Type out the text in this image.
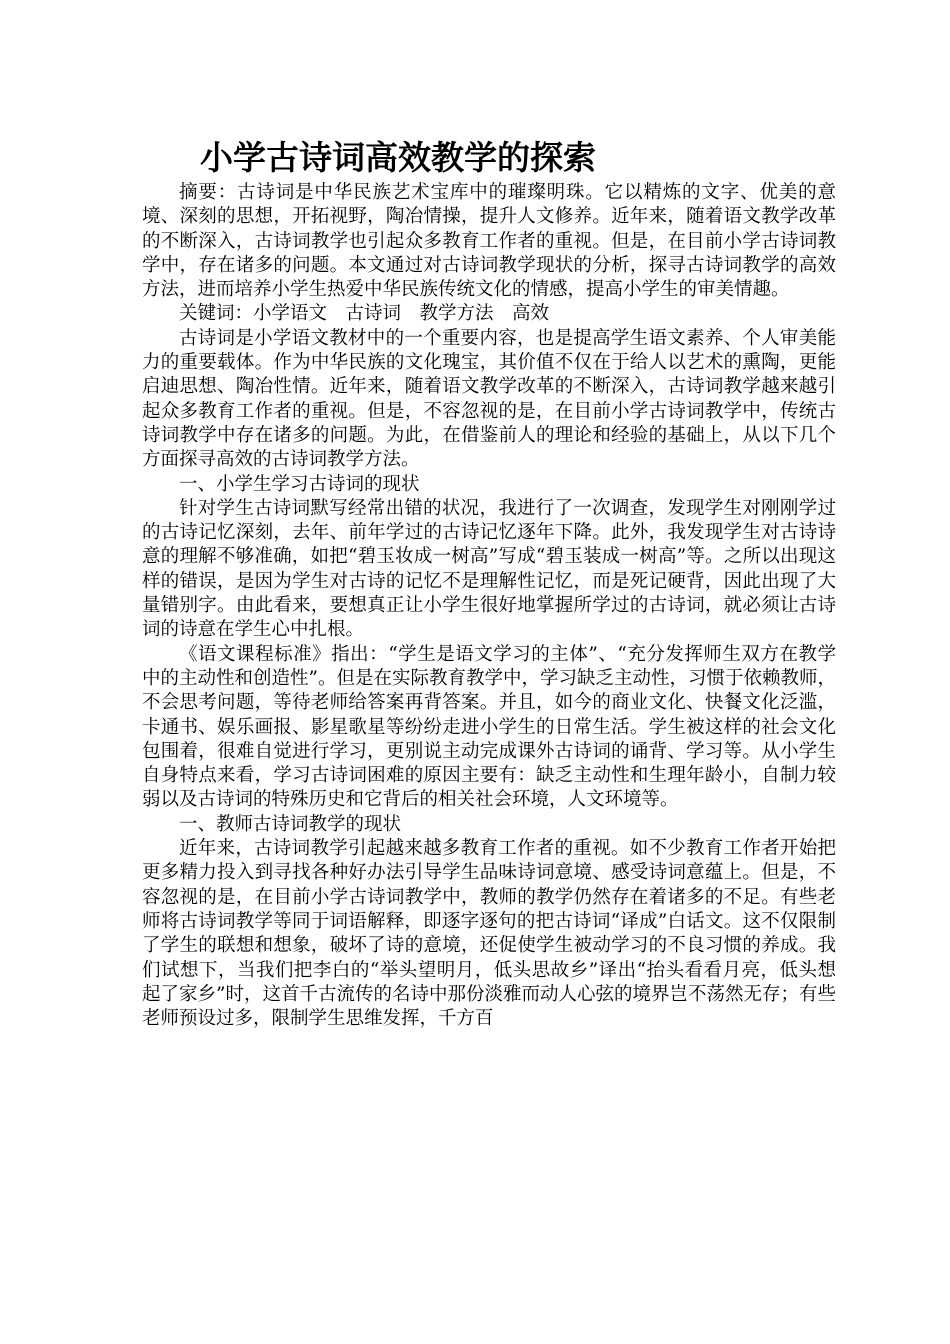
小学古诗词高效教学的探索

摘要：古诗词是中华民族艺术宝库中的璀璨明珠。它以精炼的文字、优美的意境、深刻的思想，开拓视野，陶冶情操，提升人文修养。近年来，随着语文教学改革的不断深入，古诗词教学也引起众多教育工作者的重视。但是，在目前小学古诗词教学中，存在诸多的问题。本文通过对古诗词教学现状的分析，探寻古诗词教学的高效方法，进而培养小学生热爱中华民族传统文化的情感，提高小学生的审美情趣。

关键词：小学语文　古诗词　教学方法　高效

古诗词是小学语文教材中的一个重要内容，也是提高学生语文素养、个人审美能力的重要载体。作为中华民族的文化瑰宝，其价值不仅在于给人以艺术的熏陶，更能启迪思想、陶冶性情。近年来，随着语文教学改革的不断深入，古诗词教学越来越引起众多教育工作者的重视。但是，不容忽视的是，在目前小学古诗词教学中，传统古诗词教学中存在诸多的问题。为此，在借鉴前人的理论和经验的基础上，从以下几个方面探寻高效的古诗词教学方法。

一、小学生学习古诗词的现状

针对学生古诗词默写经常出错的状况，我进行了一次调查，发现学生对刚刚学过的古诗记忆深刻，去年、前年学过的古诗记忆逐年下降。此外，我发现学生对古诗诗意的理解不够准确，如把“碧玉妆成一树高”写成“碧玉装成一树高”等。之所以出现这样的错误，是因为学生对古诗的记忆不是理解性记忆，而是死记硬背，因此出现了大量错别字。由此看来，要想真正让小学生很好地掌握所学过的古诗词，就必须让古诗词的诗意在学生心中扎根。

《语文课程标准》指出：“学生是语文学习的主体”、“充分发挥师生双方在教学中的主动性和创造性”。但是在实际教育教学中，学习缺乏主动性，习惯于依赖教师，不会思考问题，等待老师给答案再背答案。并且，如今的商业文化、快餐文化泛滥，卡通书、娱乐画报、影星歌星等纷纷走进小学生的日常生活。学生被这样的社会文化包围着，很难自觉进行学习，更别说主动完成课外古诗词的诵背、学习等。从小学生自身特点来看，学习古诗词困难的原因主要有：缺乏主动性和生理年龄小，自制力较弱以及古诗词的特殊历史和它背后的相关社会环境，人文环境等。

一、教师古诗词教学的现状

近年来，古诗词教学引起越来越多教育工作者的重视。如不少教育工作者开始把更多精力投入到寻找各种好办法引导学生品味诗词意境、感受诗词意蕴上。但是，不容忽视的是，在目前小学古诗词教学中，教师的教学仍然存在着诸多的不足。有些老师将古诗词教学等同于词语解释，即逐字逐句的把古诗词“译成”白话文。这不仅限制了学生的联想和想象，破坏了诗的意境，还促使学生被动学习的不良习惯的养成。我们试想下，当我们把李白的“举头望明月，低头思故乡”译出“抬头看看月亮，低头想起了家乡”时，这首千古流传的名诗中那份淡雅而动人心弦的境界岂不荡然无存；有些老师预设过多，限制学生思维发挥，千方百
